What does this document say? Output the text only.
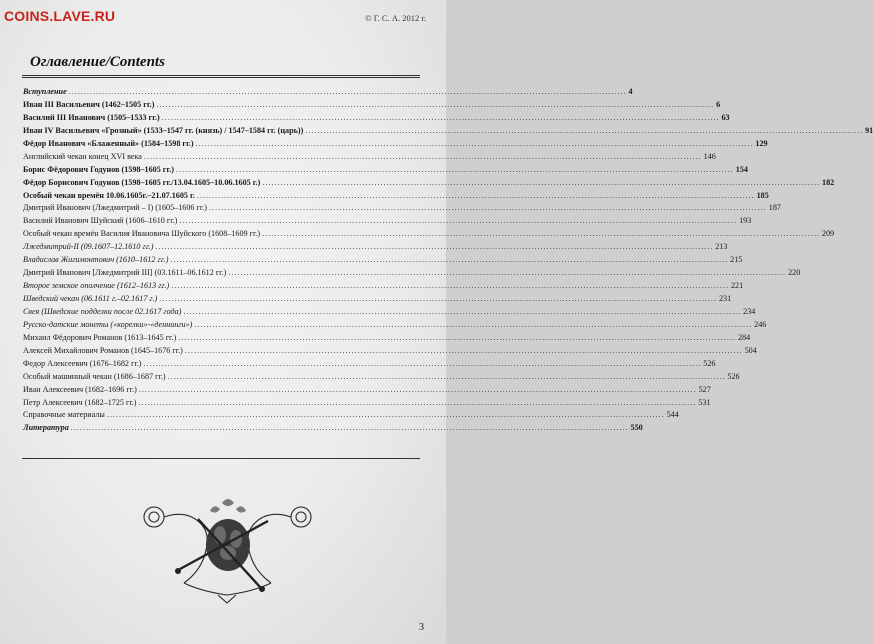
COINS.LAVE.RU	© Г. С. А. 2012 г.
Оглавление/Contents
Вступление .....	4
Иван III Васильевич (1462–1505 гг.) .....	6
Василий III Иванович (1505–1533 гг.) .....	63
Иван IV Васильевич «Грозный» (1533–1547 гг. (князь) / 1547–1584 гг. (царь)) .....	91
Фёдор Иванович «Блаженный» (1584–1598 гг.) .....	129
Английский чекан конец XVI века .....	146
Борис Фёдорович Годунов (1598–1605 гг.) .....	154
Фёдор Борисович Годунов (1598–1605 гг./13.04.1605–10.06.1605 г.) .....	182
Особый чекан времён 10.06.1605г.–21.07.1605 г. .....	185
Дмитрий Иванович (Лжедмитрий – I) (1605–1606 гг.) .....	187
Василий Иванович Шуйский (1606–1610 гг.) .....	193
Особый чекан времён Василия Ивановича Шуйского (1608–1609 гг.) .....	209
Лжедмитрий-II (09.1607–12.1610 гг.) .....	213
Владислав Жигимонтович (1610–1612 гг.) .....	215
Дмитрий Иванович [Лжедмитрий III] (03.1611–06.1612 гг.) .....	220
Второе земское ополчение (1612–1613 гг.) .....	221
Шведский чекан (06.1611 г.–02.1617 г.) .....	231
Свея (Шведские подделки после 02.1617 года) .....	234
Русско-датские монеты («корелки»-«деннинги») .....	246
Михаил Фёдорович Романов (1613–1645 гг.) .....	284
Алексей Михайлович Романов (1645–1676 гг.) .....	504
Федор Алексеевич (1676–1682 гг.) .....	526
Особый машинный чекан (1686–1687 гг.) .....	526
Иван Алексеевич (1682–1696 гг.) .....	527
Петр Алексеевич (1682–1725 гг.) .....	531
Справочные материалы .....	544
Литература .....	550
3
